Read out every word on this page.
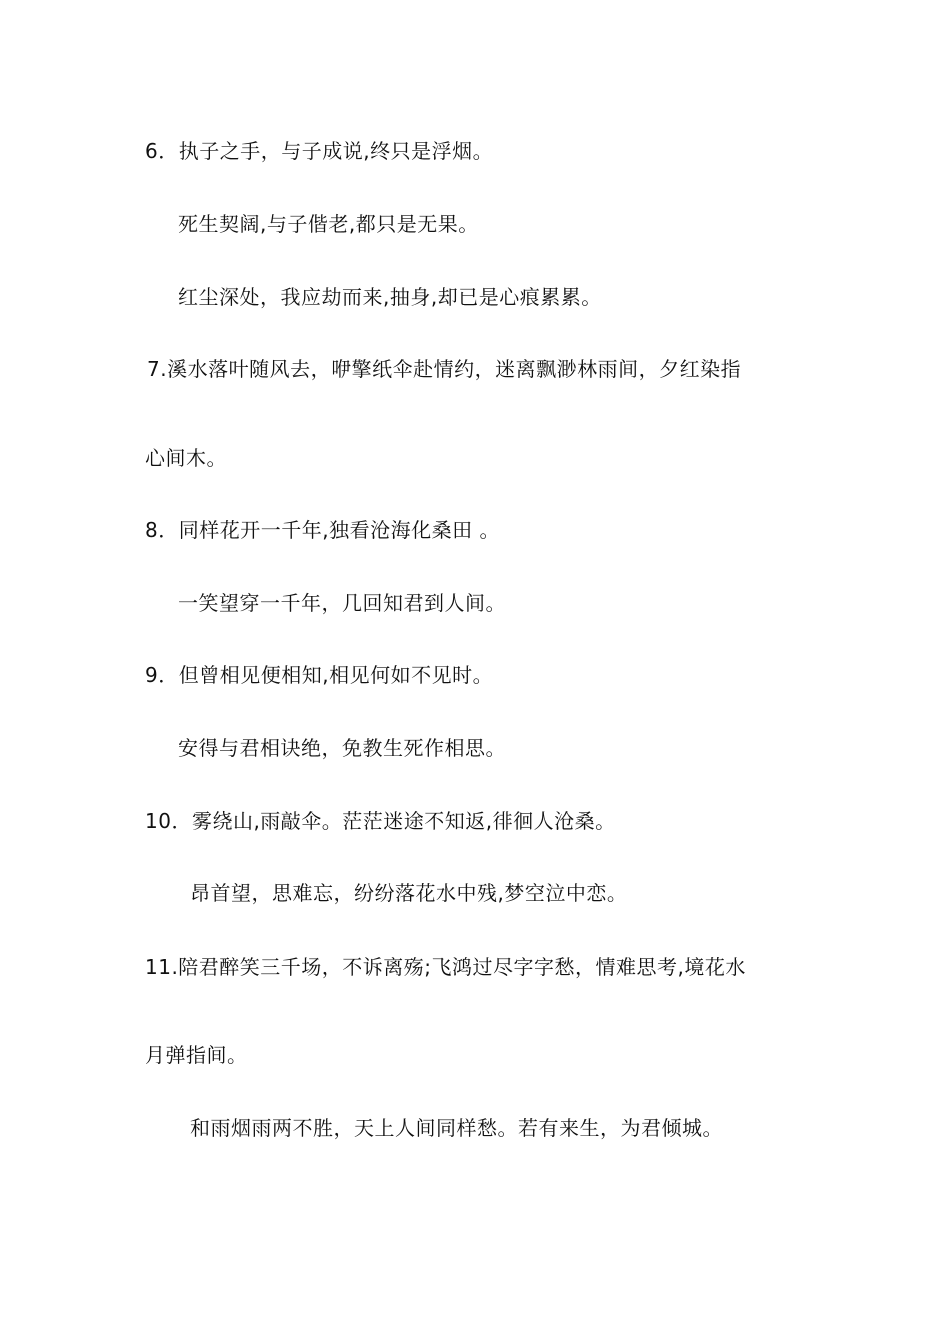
6．执子之手，与子成说,终只是浮烟。
死生契阔,与子偕老,都只是无果。
红尘深处，我应劫而来,抽身,却已是心痕累累。
7.溪水落叶随风去，咿擎纸伞赴情约，迷离飘渺林雨间，夕红染指
心间木。
8．同样花开一千年,独看沧海化桑田 。
一笑望穿一千年，几回知君到人间。
9．但曾相见便相知,相见何如不见时。
安得与君相诀绝，免教生死作相思。
10．雾绕山,雨敲伞。茫茫迷途不知返,徘徊人沧桑。
昂首望，思难忘，纷纷落花水中残,梦空泣中恋。
11.陪君醉笑三千场，不诉离殇;飞鸿过尽字字愁，情难思考,境花水
月弹指间。
和雨烟雨两不胜，天上人间同样愁。若有来生，为君倾城。
